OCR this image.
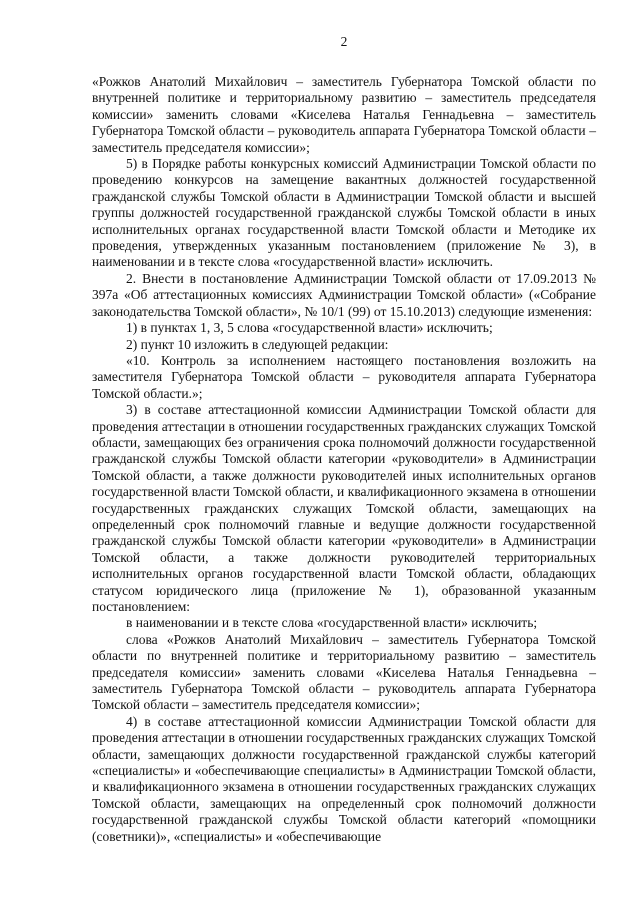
2

«Рожков Анатолий Михайлович – заместитель Губернатора Томской области по внутренней политике и территориальному развитию – заместитель председателя комиссии» заменить словами «Киселева Наталья Геннадьевна – заместитель Губернатора Томской области – руководитель аппарата Губернатора Томской области – заместитель председателя комиссии»;

5) в Порядке работы конкурсных комиссий Администрации Томской области по проведению конкурсов на замещение вакантных должностей государственной гражданской службы Томской области в Администрации Томской области и высшей группы должностей государственной гражданской службы Томской области в иных исполнительных органах государственной власти Томской области и Методике их проведения, утвержденных указанным постановлением (приложение № 3), в наименовании и в тексте слова «государственной власти» исключить.

2. Внести в постановление Администрации Томской области от 17.09.2013 № 397а «Об аттестационных комиссиях Администрации Томской области» («Собрание законодательства Томской области», № 10/1 (99) от 15.10.2013) следующие изменения:

1) в пунктах 1, 3, 5 слова «государственной власти» исключить;

2) пункт 10 изложить в следующей редакции:

«10. Контроль за исполнением настоящего постановления возложить на заместителя Губернатора Томской области – руководителя аппарата Губернатора Томской области.»;

3) в составе аттестационной комиссии Администрации Томской области для проведения аттестации в отношении государственных гражданских служащих Томской области, замещающих без ограничения срока полномочий должности государственной гражданской службы Томской области категории «руководители» в Администрации Томской области, а также должности руководителей иных исполнительных органов государственной власти Томской области, и квалификационного экзамена в отношении государственных гражданских служащих Томской области, замещающих на определенный срок полномочий главные и ведущие должности государственной гражданской службы Томской области категории «руководители» в Администрации Томской области, а также должности руководителей территориальных исполнительных органов государственной власти Томской области, обладающих статусом юридического лица (приложение № 1), образованной указанным постановлением:

в наименовании и в тексте слова «государственной власти» исключить;

слова «Рожков Анатолий Михайлович – заместитель Губернатора Томской области по внутренней политике и территориальному развитию – заместитель председателя комиссии» заменить словами «Киселева Наталья Геннадьевна – заместитель Губернатора Томской области – руководитель аппарата Губернатора Томской области – заместитель председателя комиссии»;

4) в составе аттестационной комиссии Администрации Томской области для проведения аттестации в отношении государственных гражданских служащих Томской области, замещающих должности государственной гражданской службы категорий «специалисты» и «обеспечивающие специалисты» в Администрации Томской области, и квалификационного экзамена в отношении государственных гражданских служащих Томской области, замещающих на определенный срок полномочий должности государственной гражданской службы Томской области категорий «помощники (советники)», «специалисты» и «обеспечивающие
